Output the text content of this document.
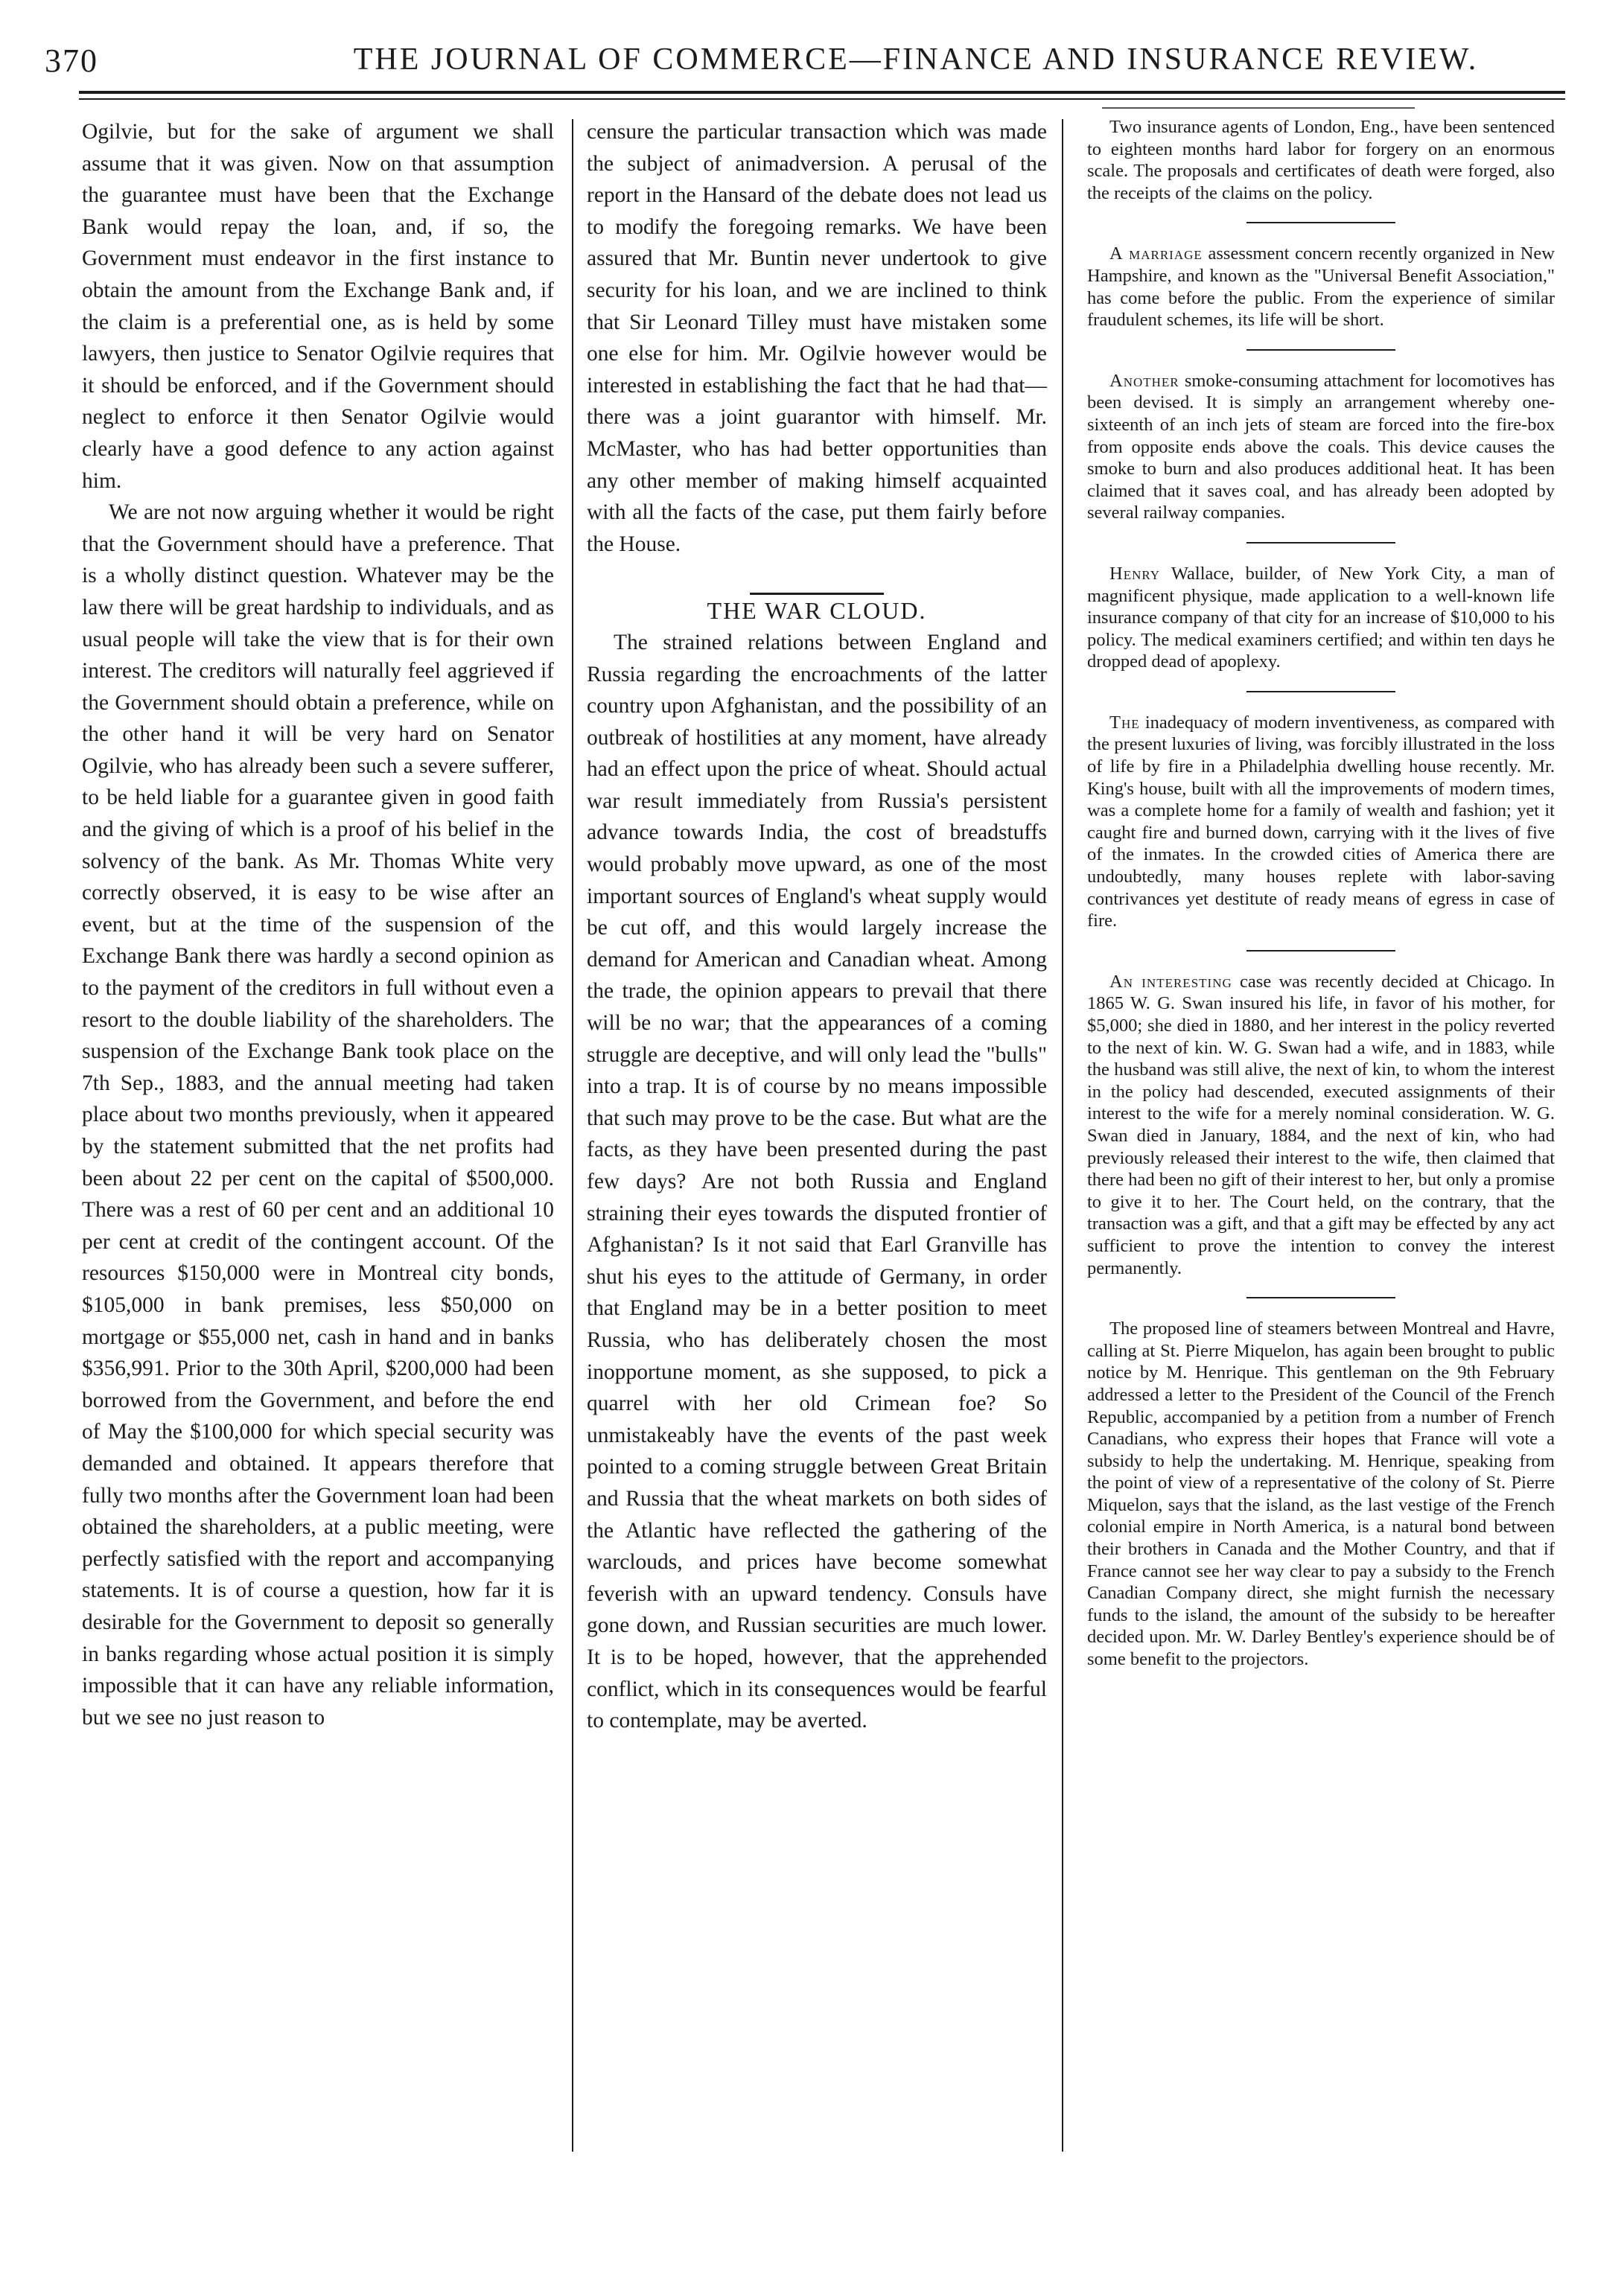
370	THE JOURNAL OF COMMERCE—FINANCE AND INSURANCE REVIEW.

Ogilvie, but for the sake of argument we shall assume that it was given. Now on that assumption the guarantee must have been that the Exchange Bank would repay the loan, and, if so, the Government must endeavor in the first instance to obtain the amount from the Exchange Bank and, if the claim is a preferential one, as is held by some lawyers, then justice to Senator Ogilvie requires that it should be enforced, and if the Government should neglect to enforce it then Senator Ogilvie would clearly have a good defence to any action against him.

We are not now arguing whether it would be right that the Government should have a preference. That is a wholly distinct question. Whatever may be the law there will be great hardship to individuals, and as usual people will take the view that is for their own interest. The creditors will naturally feel aggrieved if the Government should obtain a preference, while on the other hand it will be very hard on Senator Ogilvie, who has already been such a severe sufferer, to be held liable for a guarantee given in good faith and the giving of which is a proof of his belief in the solvency of the bank. As Mr. Thomas White very correctly observed, it is easy to be wise after an event, but at the time of the suspension of the Exchange Bank there was hardly a second opinion as to the payment of the creditors in full without even a resort to the double liability of the shareholders. The suspension of the Exchange Bank took place on the 7th Sep., 1883, and the annual meeting had taken place about two months previously, when it appeared by the statement submitted that the net profits had been about 22 per cent on the capital of $500,000. There was a rest of 60 per cent and an additional 10 per cent at credit of the contingent account. Of the resources $150,000 were in Montreal city bonds, $105,000 in bank premises, less $50,000 on mortgage or $55,000 net, cash in hand and in banks $356,991. Prior to the 30th April, $200,000 had been borrowed from the Government, and before the end of May the $100,000 for which special security was demanded and obtained. It appears therefore that fully two months after the Government loan had been obtained the shareholders, at a public meeting, were perfectly satisfied with the report and accompanying statements. It is of course a question, how far it is desirable for the Government to deposit so generally in banks regarding whose actual position it is simply impossible that it can have any reliable information, but we see no just reason to

censure the particular transaction which was made the subject of animadversion. A perusal of the report in the Hansard of the debate does not lead us to modify the foregoing remarks. We have been assured that Mr. Buntin never undertook to give security for his loan, and we are inclined to think that Sir Leonard Tilley must have mistaken some one else for him. Mr. Ogilvie however would be interested in establishing the fact that he had that—there was a joint guarantor with himself. Mr. McMaster, who has had better opportunities than any other member of making himself acquainted with all the facts of the case, put them fairly before the House.

THE WAR CLOUD.

The strained relations between England and Russia regarding the encroachments of the latter country upon Afghanistan, and the possibility of an outbreak of hostilities at any moment, have already had an effect upon the price of wheat. Should actual war result immediately from Russia's persistent advance towards India, the cost of breadstuffs would probably move upward, as one of the most important sources of England's wheat supply would be cut off, and this would largely increase the demand for American and Canadian wheat. Among the trade, the opinion appears to prevail that there will be no war; that the appearances of a coming struggle are deceptive, and will only lead the "bulls" into a trap. It is of course by no means impossible that such may prove to be the case. But what are the facts, as they have been presented during the past few days? Are not both Russia and England straining their eyes towards the disputed frontier of Afghanistan? Is it not said that Earl Granville has shut his eyes to the attitude of Germany, in order that England may be in a better position to meet Russia, who has deliberately chosen the most inopportune moment, as she supposed, to pick a quarrel with her old Crimean foe? So unmistakeably have the events of the past week pointed to a coming struggle between Great Britain and Russia that the wheat markets on both sides of the Atlantic have reflected the gathering of the warclouds, and prices have become somewhat feverish with an upward tendency. Consuls have gone down, and Russian securities are much lower. It is to be hoped, however, that the apprehended conflict, which in its consequences would be fearful to contemplate, may be averted.

Two insurance agents of London, Eng., have been sentenced to eighteen months hard labor for forgery on an enormous scale. The proposals and certificates of death were forged, also the receipts of the claims on the policy.

A marriage assessment concern recently organized in New Hampshire, and known as the "Universal Benefit Association," has come before the public. From the experience of similar fraudulent schemes, its life will be short.

Another smoke-consuming attachment for locomotives has been devised. It is simply an arrangement whereby one-sixteenth of an inch jets of steam are forced into the fire-box from opposite ends above the coals. This device causes the smoke to burn and also produces additional heat. It has been claimed that it saves coal, and has already been adopted by several railway companies.

Henry Wallace, builder, of New York City, a man of magnificent physique, made application to a well-known life insurance company of that city for an increase of $10,000 to his policy. The medical examiners certified; and within ten days he dropped dead of apoplexy.

The inadequacy of modern inventiveness, as compared with the present luxuries of living, was forcibly illustrated in the loss of life by fire in a Philadelphia dwelling house recently. Mr. King's house, built with all the improvements of modern times, was a complete home for a family of wealth and fashion; yet it caught fire and burned down, carrying with it the lives of five of the inmates. In the crowded cities of America there are undoubtedly, many houses replete with labor-saving contrivances yet destitute of ready means of egress in case of fire.

An interesting case was recently decided at Chicago. In 1865 W. G. Swan insured his life, in favor of his mother, for $5,000; she died in 1880, and her interest in the policy reverted to the next of kin. W. G. Swan had a wife, and in 1883, while the husband was still alive, the next of kin, to whom the interest in the policy had descended, executed assignments of their interest to the wife for a merely nominal consideration. W. G. Swan died in January, 1884, and the next of kin, who had previously released their interest to the wife, then claimed that there had been no gift of their interest to her, but only a promise to give it to her. The Court held, on the contrary, that the transaction was a gift, and that a gift may be effected by any act sufficient to prove the intention to convey the interest permanently.

The proposed line of steamers between Montreal and Havre, calling at St. Pierre Miquelon, has again been brought to public notice by M. Henrique. This gentleman on the 9th February addressed a letter to the President of the Council of the French Republic, accompanied by a petition from a number of French Canadians, who express their hopes that France will vote a subsidy to help the undertaking. M. Henrique, speaking from the point of view of a representative of the colony of St. Pierre Miquelon, says that the island, as the last vestige of the French colonial empire in North America, is a natural bond between their brothers in Canada and the Mother Country, and that if France cannot see her way clear to pay a subsidy to the French Canadian Company direct, she might furnish the necessary funds to the island, the amount of the subsidy to be hereafter decided upon. Mr. W. Darley Bentley's experience should be of some benefit to the projectors.
